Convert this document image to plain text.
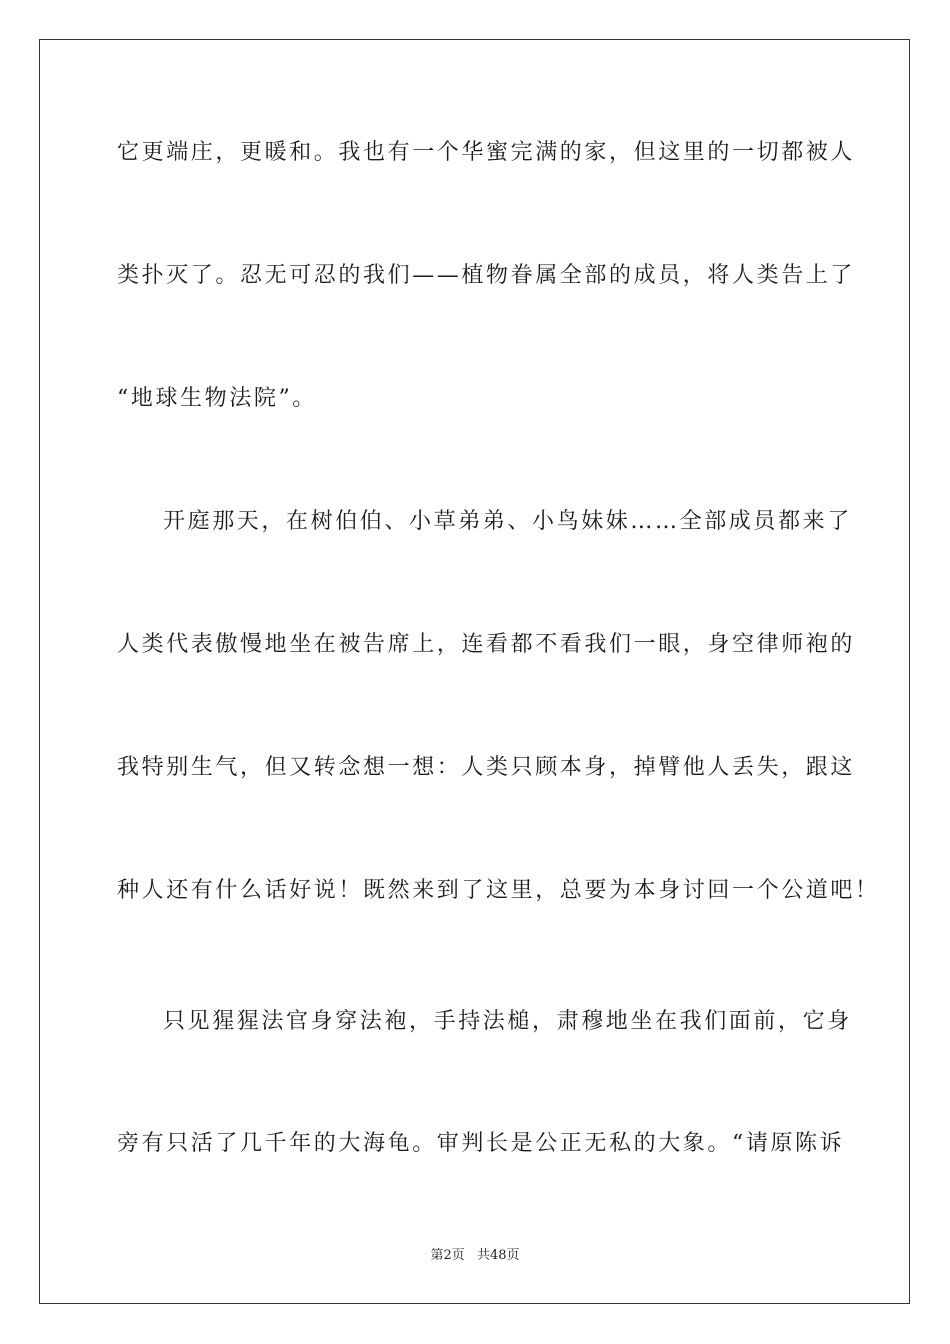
它更端庄，更暖和。我也有一个华蜜完满的家，但这里的一切都被人
类扑灭了。忍无可忍的我们——植物眷属全部的成员，将人类告上了
“地球生物法院”。
开庭那天，在树伯伯、小草弟弟、小鸟妹妹……全部成员都来了
人类代表傲慢地坐在被告席上，连看都不看我们一眼，身空律师袍的
我特别生气，但又转念想一想：人类只顾本身，掉臂他人丢失，跟这
种人还有什么话好说！既然来到了这里，总要为本身讨回一个公道吧！
只见猩猩法官身穿法袍，手持法槌，肃穆地坐在我们面前，它身
旁有只活了几千年的大海龟。审判长是公正无私的大象。“请原陈诉
第2页 共48页
